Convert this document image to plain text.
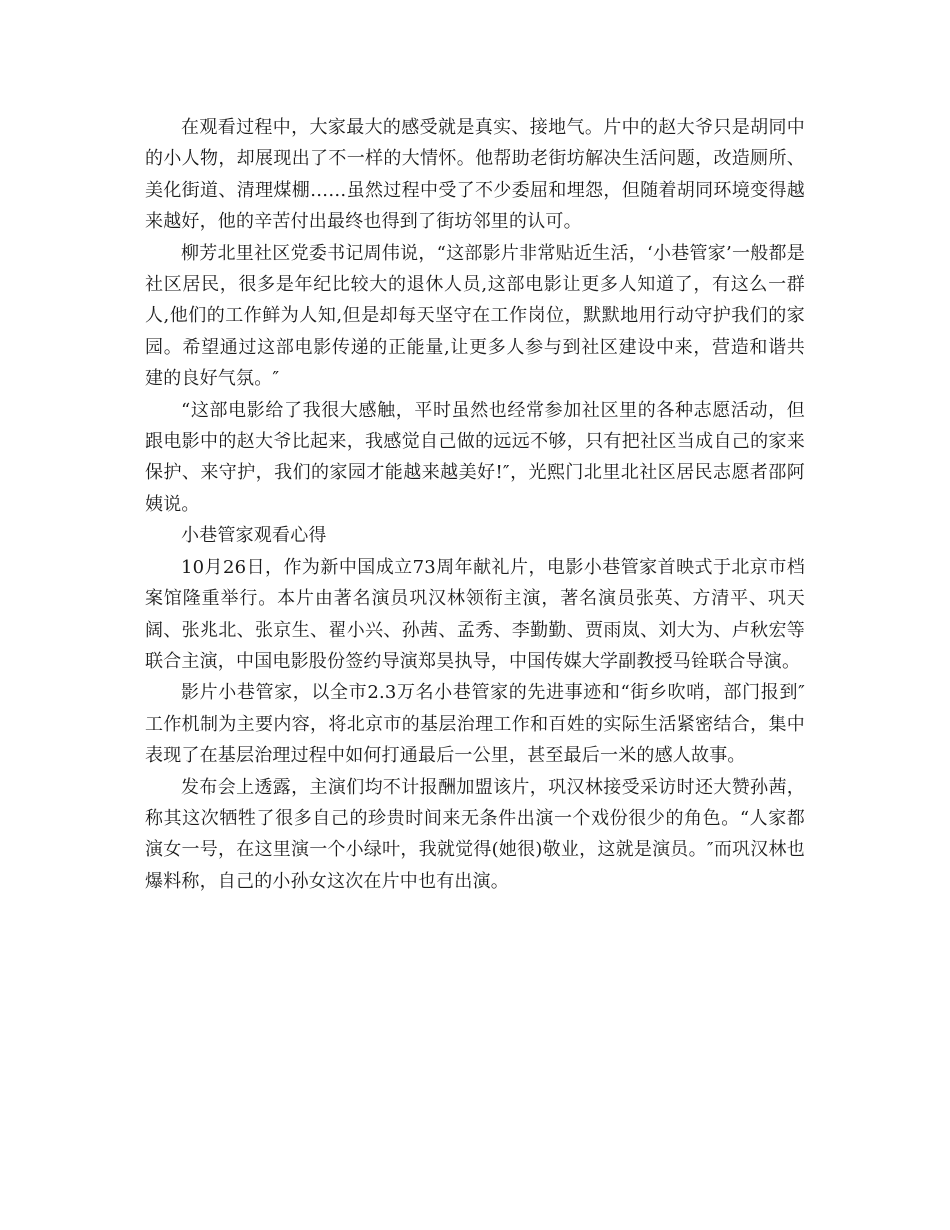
在观看过程中，大家最大的感受就是真实、接地气。片中的赵大爷只是胡同中的小人物，却展现出了不一样的大情怀。他帮助老街坊解决生活问题，改造厕所、美化街道、清理煤棚……虽然过程中受了不少委屈和埋怨，但随着胡同环境变得越来越好，他的辛苦付出最终也得到了街坊邻里的认可。

柳芳北里社区党委书记周伟说，“这部影片非常贴近生活，‘小巷管家’一般都是社区居民，很多是年纪比较大的退休人员,这部电影让更多人知道了，有这么一群人,他们的工作鲜为人知,但是却每天坚守在工作岗位，默默地用行动守护我们的家园。希望通过这部电影传递的正能量,让更多人参与到社区建设中来，营造和谐共建的良好气氛。″

“这部电影给了我很大感触，平时虽然也经常参加社区里的各种志愿活动，但跟电影中的赵大爷比起来，我感觉自己做的远远不够，只有把社区当成自己的家来保护、来守护，我们的家园才能越来越美好!″，光熙门北里北社区居民志愿者邵阿姨说。

小巷管家观看心得

10月26日，作为新中国成立73周年献礼片，电影小巷管家首映式于北京市档案馆隆重举行。本片由著名演员巩汉林领衔主演，著名演员张英、方清平、巩天阔、张兆北、张京生、翟小兴、孙茜、孟秀、李勤勤、贾雨岚、刘大为、卢秋宏等联合主演，中国电影股份签约导演郑昊执导，中国传媒大学副教授马铨联合导演。

影片小巷管家，以全市2.3万名小巷管家的先进事迹和“街乡吹哨，部门报到″工作机制为主要内容，将北京市的基层治理工作和百姓的实际生活紧密结合，集中表现了在基层治理过程中如何打通最后一公里，甚至最后一米的感人故事。

发布会上透露，主演们均不计报酬加盟该片，巩汉林接受采访时还大赞孙茜，称其这次牺牲了很多自己的珍贵时间来无条件出演一个戏份很少的角色。“人家都演女一号，在这里演一个小绿叶，我就觉得(她很)敬业，这就是演员。″而巩汉林也爆料称，自己的小孙女这次在片中也有出演。
